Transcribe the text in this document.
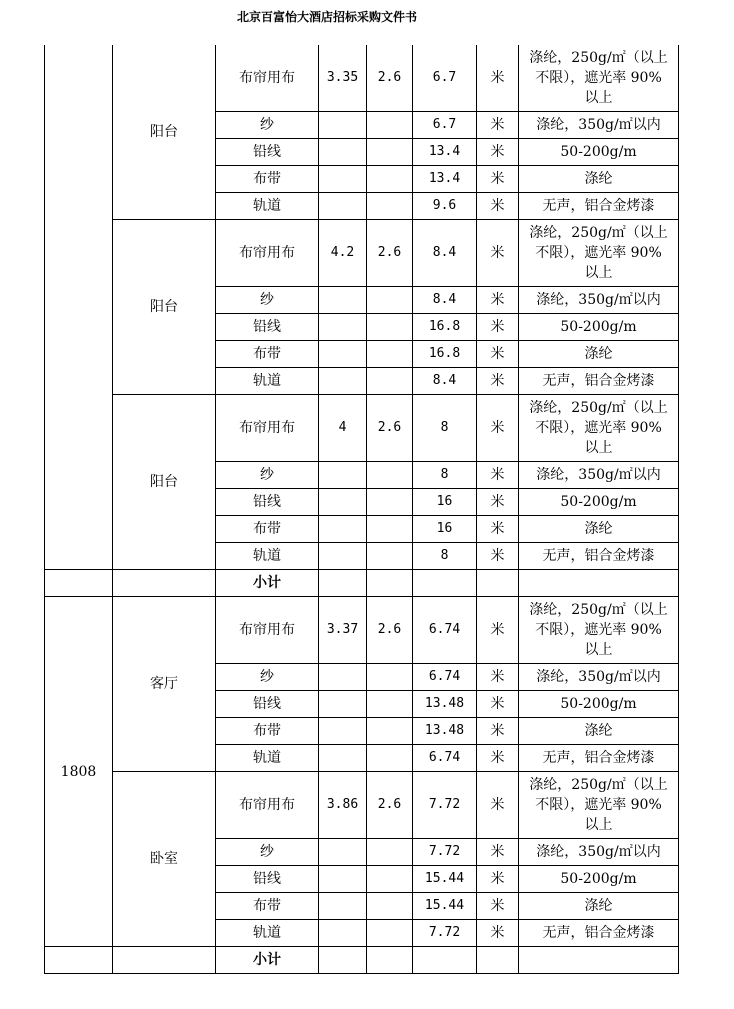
北京百富怡大酒店招标采购文件书
	阳台	布帘用布	3.35	2.6	6.7	米	涤纶，250g/㎡（以上
不限），遮光率 90%
以上

		纱			6.7	米	涤纶，350g/㎡以内

		铅线			13.4	米	50-200g/m

		布带			13.4	米	涤纶

		轨道			9.6	米	无声，铝合金烤漆

	阳台	布帘用布	4.2	2.6	8.4	米	涤纶，250g/㎡（以上
不限），遮光率 90%
以上

		纱			8.4	米	涤纶，350g/㎡以内

		铅线			16.8	米	50-200g/m

		布带			16.8	米	涤纶

		轨道			8.4	米	无声，铝合金烤漆

	阳台	布帘用布	4	2.6	8	米	涤纶，250g/㎡（以上
不限），遮光率 90%
以上

		纱			8	米	涤纶，350g/㎡以内

		铅线			16	米	50-200g/m

		布带			16	米	涤纶

		轨道			8	米	无声，铝合金烤漆

		小计					
1808	客厅	布帘用布	3.37	2.6	6.74	米	涤纶，250g/㎡（以上
不限），遮光率 90%
以上

		纱			6.74	米	涤纶，350g/㎡以内

		铅线			13.48	米	50-200g/m

		布带			13.48	米	涤纶

		轨道			6.74	米	无声，铝合金烤漆

	卧室	布帘用布	3.86	2.6	7.72	米	涤纶，250g/㎡（以上
不限），遮光率 90%
以上

		纱			7.72	米	涤纶，350g/㎡以内

		铅线			15.44	米	50-200g/m

		布带			15.44	米	涤纶

		轨道			7.72	米	无声，铝合金烤漆

		小计					
